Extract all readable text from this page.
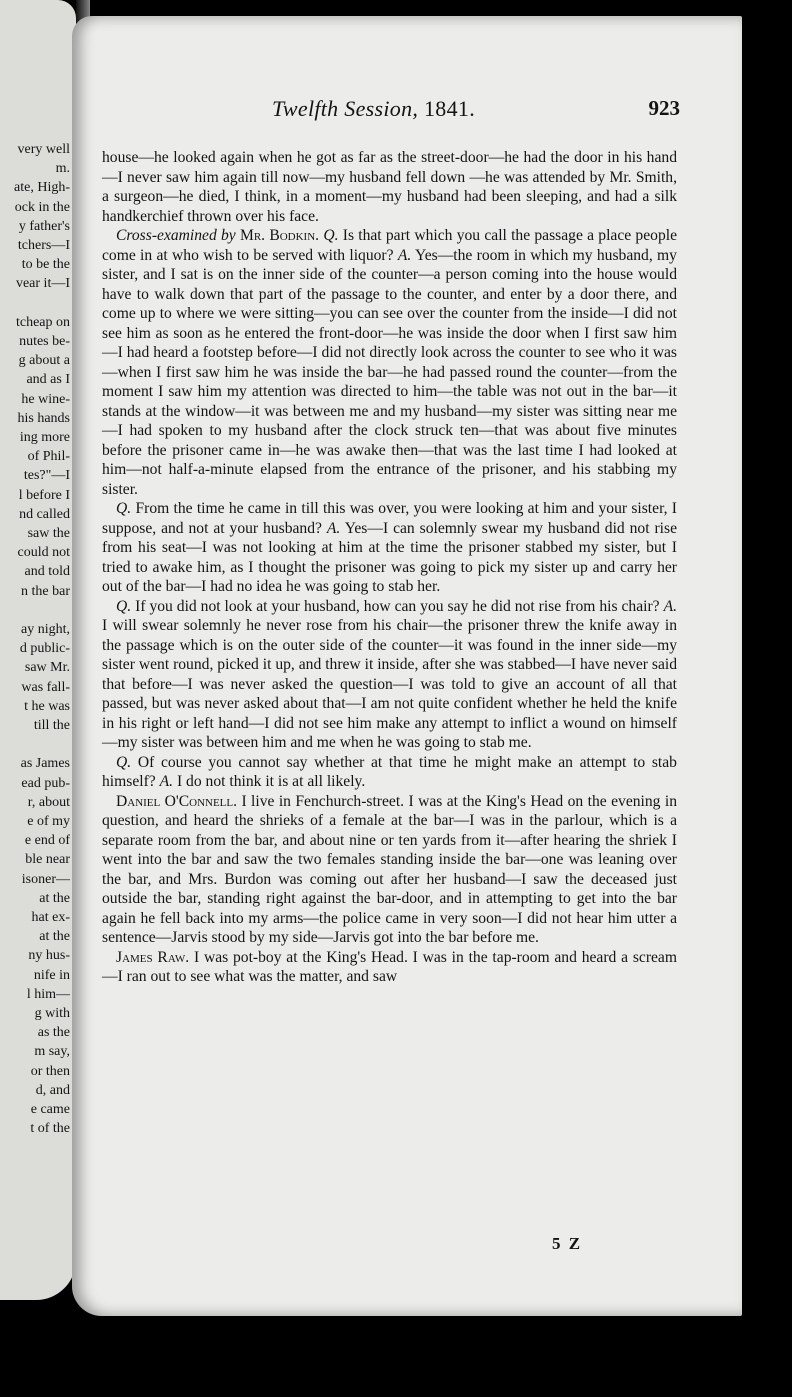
very well
m.
ate, High-
ock in the
y father's
tchers—I
to be the
vear it—I
tcheap on
nutes be-
g about a
and as I
he wine-
his hands
ing more
of Phil-
tes?"—I
l before I
nd called
saw the
could not
and told
n the bar
ay night,
d public-
saw Mr.
was fall-
t he was
till the
as James
ead pub-
r, about
e of my
e end of
ble near
isoner—
at the
hat ex-
at the
ny hus-
nife in
l him—
g with
as the
m say,
or then
d, and
e came
t of the
Twelfth Session, 1841.	923

house—he looked again when he got as far as the street-door—he had the door in his hand—I never saw him again till now—my husband fell down —he was attended by Mr. Smith, a surgeon—he died, I think, in a moment—my husband had been sleeping, and had a silk handkerchief thrown over his face.

Cross-examined by Mr. Bodkin. Q. Is that part which you call the passage a place people come in at who wish to be served with liquor? A. Yes—the room in which my husband, my sister, and I sat is on the inner side of the counter—a person coming into the house would have to walk down that part of the passage to the counter, and enter by a door there, and come up to where we were sitting—you can see over the counter from the inside—I did not see him as soon as he entered the front-door—he was inside the door when I first saw him—I had heard a footstep before—I did not directly look across the counter to see who it was—when I first saw him he was inside the bar—he had passed round the counter—from the moment I saw him my attention was directed to him—the table was not out in the bar—it stands at the window—it was between me and my husband—my sister was sitting near me—I had spoken to my husband after the clock struck ten—that was about five minutes before the prisoner came in—he was awake then—that was the last time I had looked at him—not half-a-minute elapsed from the entrance of the prisoner, and his stabbing my sister.

Q. From the time he came in till this was over, you were looking at him and your sister, I suppose, and not at your husband? A. Yes—I can solemnly swear my husband did not rise from his seat—I was not looking at him at the time the prisoner stabbed my sister, but I tried to awake him, as I thought the prisoner was going to pick my sister up and carry her out of the bar—I had no idea he was going to stab her.

Q. If you did not look at your husband, how can you say he did not rise from his chair? A. I will swear solemnly he never rose from his chair—the prisoner threw the knife away in the passage which is on the outer side of the counter—it was found in the inner side—my sister went round, picked it up, and threw it inside, after she was stabbed—I have never said that before—I was never asked the question—I was told to give an account of all that passed, but was never asked about that—I am not quite confident whether he held the knife in his right or left hand—I did not see him make any attempt to inflict a wound on himself—my sister was between him and me when he was going to stab me.

Q. Of course you cannot say whether at that time he might make an attempt to stab himself? A. I do not think it is at all likely.

Daniel O'Connell. I live in Fenchurch-street. I was at the King's Head on the evening in question, and heard the shrieks of a female at the bar—I was in the parlour, which is a separate room from the bar, and about nine or ten yards from it—after hearing the shriek I went into the bar and saw the two females standing inside the bar—one was leaning over the bar, and Mrs. Burdon was coming out after her husband—I saw the deceased just outside the bar, standing right against the bar-door, and in attempting to get into the bar again he fell back into my arms—the police came in very soon—I did not hear him utter a sentence—Jarvis stood by my side—Jarvis got into the bar before me.

James Raw. I was pot-boy at the King's Head. I was in the tap-room and heard a scream—I ran out to see what was the matter, and saw

5 Z
